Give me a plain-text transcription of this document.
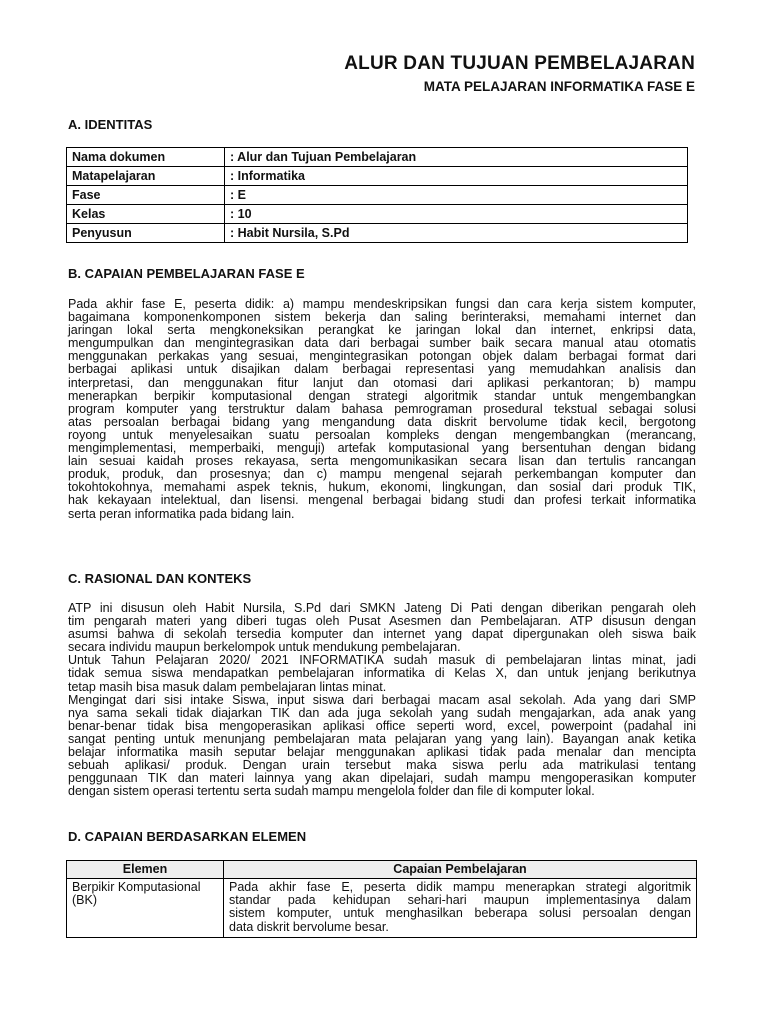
ALUR DAN TUJUAN PEMBELAJARAN
MATA PELAJARAN INFORMATIKA FASE E
A. IDENTITAS
Nama dokumen	: Alur dan Tujuan Pembelajaran
Matapelajaran	: Informatika
Fase	: E
Kelas	: 10
Penyusun	: Habit Nursila, S.Pd
B. CAPAIAN PEMBELAJARAN FASE E

Pada akhir fase E, peserta didik: a) mampu mendeskripsikan fungsi dan cara kerja sistem komputer,
bagaimana komponenkomponen sistem bekerja dan saling berinteraksi, memahami internet dan
jaringan lokal serta mengkoneksikan perangkat ke jaringan lokal dan internet, enkripsi data,
mengumpulkan dan mengintegrasikan data dari berbagai sumber baik secara manual atau otomatis
menggunakan perkakas yang sesuai, mengintegrasikan potongan objek dalam berbagai format dari
berbagai aplikasi untuk disajikan dalam berbagai representasi yang memudahkan analisis dan
interpretasi, dan menggunakan fitur lanjut dan otomasi dari aplikasi perkantoran; b) mampu
menerapkan berpikir komputasional dengan strategi algoritmik standar untuk mengembangkan
program komputer yang terstruktur dalam bahasa pemrograman prosedural tekstual sebagai solusi
atas persoalan berbagai bidang yang mengandung data diskrit bervolume tidak kecil, bergotong
royong untuk menyelesaikan suatu persoalan kompleks dengan mengembangkan (merancang,
mengimplementasi, memperbaiki, menguji) artefak komputasional yang bersentuhan dengan bidang
lain sesuai kaidah proses rekayasa, serta mengomunikasikan secara lisan dan tertulis rancangan
produk, produk, dan prosesnya; dan c) mampu mengenal sejarah perkembangan komputer dan
tokohtokohnya, memahami aspek teknis, hukum, ekonomi, lingkungan, dan sosial dari produk TIK,
hak kekayaan intelektual, dan lisensi. mengenal berbagai bidang studi dan profesi terkait informatika
serta peran informatika pada bidang lain.

C. RASIONAL DAN KONTEKS

ATP ini disusun oleh Habit Nursila, S.Pd dari SMKN Jateng Di Pati dengan diberikan pengarah oleh
tim pengarah materi yang diberi tugas oleh Pusat Asesmen dan Pembelajaran. ATP disusun dengan
asumsi bahwa di sekolah tersedia komputer dan internet yang dapat dipergunakan oleh siswa baik
secara individu maupun berkelompok untuk mendukung pembelajaran.
Untuk Tahun Pelajaran 2020/ 2021 INFORMATIKA sudah masuk di pembelajaran lintas minat, jadi
tidak semua siswa mendapatkan pembelajaran informatika di Kelas X, dan untuk jenjang berikutnya
tetap masih bisa masuk dalam pembelajaran lintas minat.
Mengingat dari sisi intake Siswa, input siswa dari berbagai macam asal sekolah. Ada yang dari SMP
nya sama sekali tidak diajarkan TIK dan ada juga sekolah yang sudah mengajarkan, ada anak yang
benar-benar tidak bisa mengoperasikan aplikasi office seperti word, excel, powerpoint (padahal ini
sangat penting untuk menunjang pembelajaran mata pelajaran yang yang lain). Bayangan anak ketika
belajar informatika masih seputar belajar menggunakan aplikasi tidak pada menalar dan mencipta
sebuah aplikasi/ produk. Dengan urain tersebut maka siswa perlu ada matrikulasi tentang
penggunaan TIK dan materi lainnya yang akan dipelajari, sudah mampu mengoperasikan komputer
dengan sistem operasi tertentu serta sudah mampu mengelola folder dan file di komputer lokal.

D. CAPAIAN BERDASARKAN ELEMEN
Elemen	Capaian Pembelajaran

Berpikir Komputasional
(BK)	Pada akhir fase E, peserta didik mampu menerapkan strategi algoritmik
standar pada kehidupan sehari-hari maupun implementasinya dalam
sistem komputer, untuk menghasilkan beberapa solusi persoalan dengan
data diskrit bervolume besar.
